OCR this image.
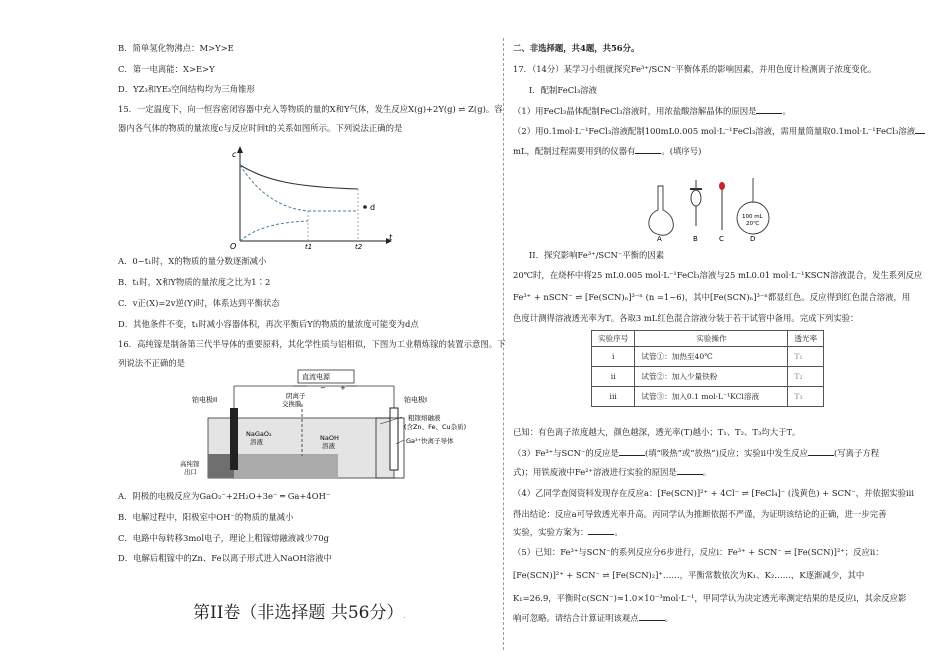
B．简单氢化物沸点：M>Y>E
C．第一电离能：X>E>Y
D．YZ₃和YE₃空间结构均为三角锥形
15．一定温度下，向一恒容密闭容器中充入等物质的量的X和Y气体，发生反应X(g)+2Y(g) ⇌ Z(g)。容
器内各气体的物质的量浓度c与反应时间t的关系如图所示。下列说法正确的是
d
c
t
O	t1	t2
A．0~t₁时，X的物质的量分数逐渐减小
B．t₁时，X和Y物质的量浓度之比为1∶2
C．v正(X)=2v逆(Y)时，体系达到平衡状态
D．其他条件不变，t₁时减小容器体积，再次平衡后Y的物质的量浓度可能变为d点
16．高纯镓是制备第三代半导体的重要原料，其化学性质与铝相似，下图为工业精炼镓的装置示意图。下
列说法不正确的是
直流电源
− +
铂电极II	铂电极I
阴离子
交换膜
NaGaO₂
溶液	NaOH
溶液
粗镓熔融液
(含Zn、Fe、Cu杂质)
Ga³⁺快离子导体
高纯镓
出口
A．阴极的电极反应为GaO₂⁻+2H₂O+3e⁻ ═ Ga+4OH⁻
B．电解过程中，阳极室中OH⁻的物质的量减小
C．电路中每转移3mol电子，理论上粗镓熔融液减少70g
D．电解后粗镓中的Zn、Fe以离子形式进入NaOH溶液中
第II卷（非选择题 共56分）.
二、非选择题，共4题，共56分。
17．（14分）某学习小组就探究Fe³⁺/SCN⁻平衡体系的影响因素，并用色度计检测离子浓度变化。
I．配制FeCl₃溶液
（1）用FeCl₃晶体配制FeCl₃溶液时，用浓盐酸溶解晶体的原因是	。
（2）用0.1mol·L⁻¹FeCl₃溶液配制100mL0.005 mol·L⁻¹FeCl₃溶液，需用量筒量取0.1mol·L⁻¹FeCl₃溶液
mL，配制过程需要用到的仪器有	。(填序号)
100 mL
20℃
A	B	C	D
II．探究影响Fe³⁺/SCN⁻平衡的因素
20℃时，在烧杯中将25 mL0.005 mol·L⁻¹FeCl₃溶液与25 mL0.01 mol·L⁻¹KSCN溶液混合，发生系列反应
Fe³⁺ + nSCN⁻ ⇌ [Fe(SCN)ₙ]³⁻ⁿ (n =1~6)，其中[Fe(SCN)ₙ]³⁻ⁿ都显红色。反应得到红色混合溶液，用
色度计测得溶液透光率为T。各取3 mL红色混合溶液分装于若干试管中备用。完成下列实验：
实验序号	实验操作	透光率
i	试管①：加热至40℃	T₁
ii	试管②：加入少量铁粉	T₂
iii	试管③：加入0.1 mol·L⁻¹KCl溶液	T₃
已知：有色离子浓度越大，颜色越深，透光率(T)越小；T₁、T₂、T₃均大于T。
（3）Fe³⁺与SCN⁻的反应是	(填“吸热”或“放热”)反应；实验ii中发生反应	(写离子方程
式)；用铁废液中Fe²⁺溶液进行实验的原因是	。
（4）乙同学查阅资料发现存在反应a：[Fe(SCN)]²⁺ + 4Cl⁻ ⇌ [FeCl₄]⁻ (浅黄色) + SCN⁻，并依据实验iii
得出结论：反应a可导致透光率升高。丙同学认为推断依据不严谨，为证明该结论的正确，进一步完善
实验，实验方案为：	。
（5）已知：Fe³⁺与SCN⁻的系列反应分6步进行，反应i：Fe³⁺ + SCN⁻ ⇌ [Fe(SCN)]²⁺；反应ii：
[Fe(SCN)]²⁺ + SCN⁻ ⇌ [Fe(SCN)₂]⁺……，平衡常数依次为K₁、K₂……，K逐渐减少，其中
K₁=26.9，平衡时c(SCN⁻)≈1.0×10⁻³mol·L⁻¹，甲同学认为决定透光率测定结果的是反应i，其余反应影
响可忽略。请结合计算证明该观点	。
